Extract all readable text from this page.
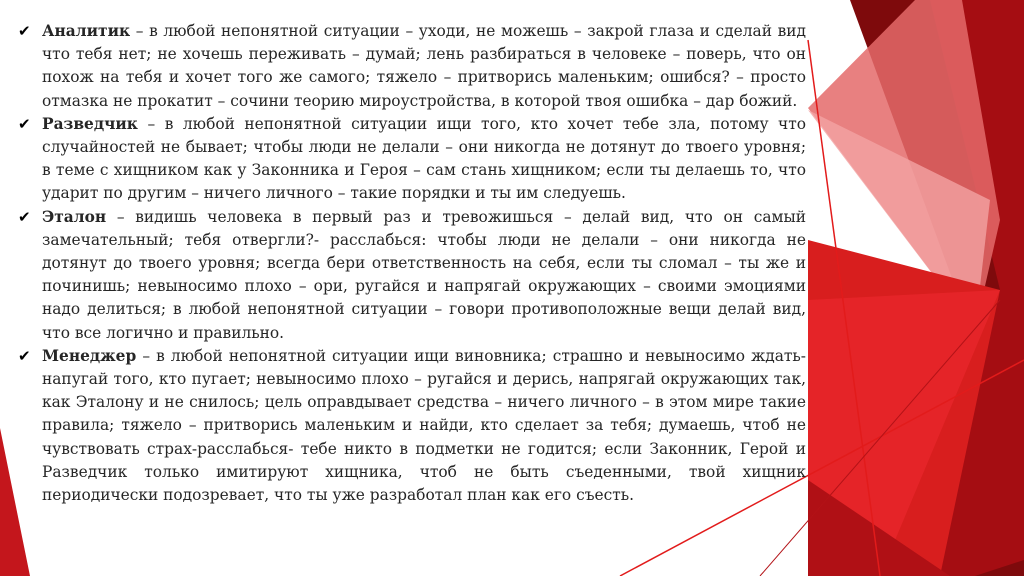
✔ Аналитик – в любой непонятной ситуации – уходи, не можешь – закрой глаза и сделай вид что тебя нет; не хочешь переживать – думай; лень разбираться в человеке – поверь, что он похож на тебя и хочет того же самого; тяжело – притворись маленьким; ошибся? – просто отмазка не прокатит – сочини теорию мироустройства, в которой твоя ошибка – дар божий.
✔ Разведчик – в любой непонятной ситуации ищи того, кто хочет тебе зла, потому что случайностей не бывает; чтобы люди не делали – они никогда не дотянут до твоего уровня; в теме с хищником как у Законника и Героя – сам стань хищником; если ты делаешь то, что ударит по другим – ничего личного – такие порядки и ты им следуешь.
✔ Эталон – видишь человека в первый раз и тревожишься – делай вид, что он самый замечательный; тебя отвергли?- расслабься: чтобы люди не делали – они никогда не дотянут до твоего уровня; всегда бери ответственность на себя, если ты сломал – ты же и починишь; невыносимо плохо – ори, ругайся и напрягай окружающих – своими эмоциями надо делиться; в любой непонятной ситуации – говори противоположные вещи делай вид, что все логично и правильно.
✔ Менеджер – в любой непонятной ситуации ищи виновника; страшно и невыносимо ждать- напугай того, кто пугает; невыносимо плохо – ругайся и дерись, напрягай окружающих так, как Эталону и не снилось; цель оправдывает средства – ничего личного – в этом мире такие правила; тяжело – притворись маленьким и найди, кто сделает за тебя; думаешь, чтоб не чувствовать страх-расслабься- тебе никто в подметки не годится; если Законник, Герой и Разведчик только имитируют хищника, чтоб не быть съеденными, твой хищник периодически подозревает, что ты уже разработал план как его съесть.
